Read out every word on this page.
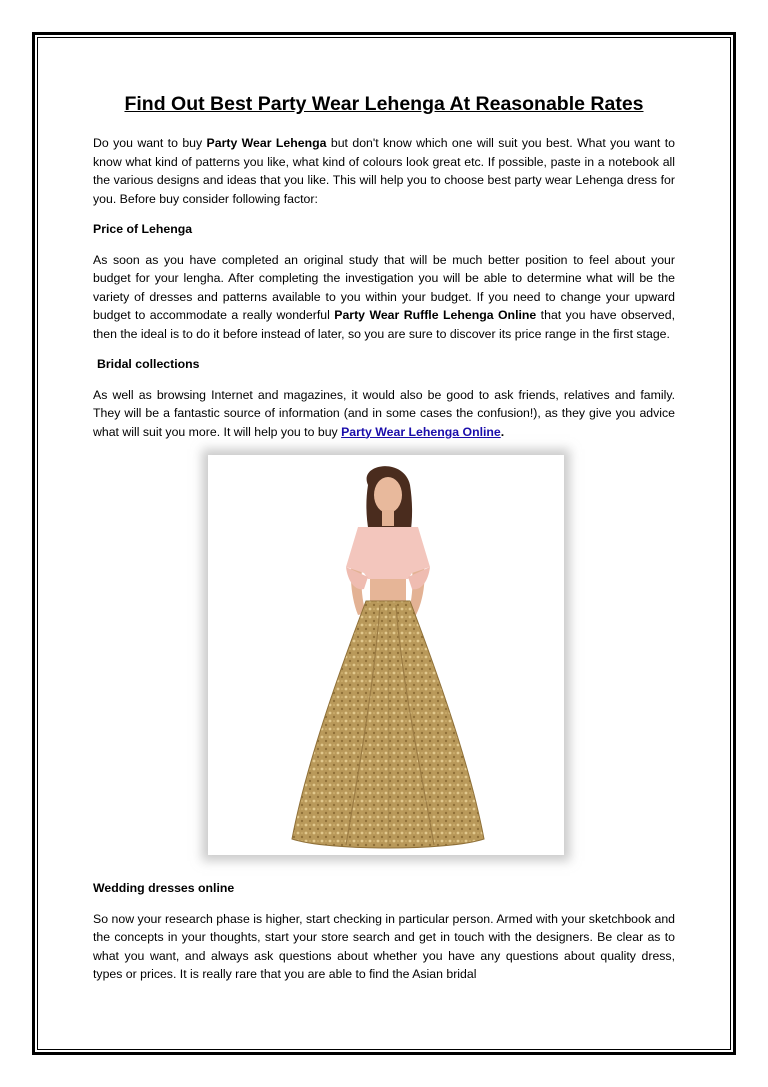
Find Out Best Party Wear Lehenga At Reasonable Rates

Do you want to buy Party Wear Lehenga but don't know which one will suit you best. What you want to know what kind of patterns you like, what kind of colours look great etc. If possible, paste in a notebook all the various designs and ideas that you like. This will help you to choose best party wear Lehenga dress for you. Before buy consider following factor:

Price of Lehenga

As soon as you have completed an original study that will be much better position to feel about your budget for your lengha. After completing the investigation you will be able to determine what will be the variety of dresses and patterns available to you within your budget. If you need to change your upward budget to accommodate a really wonderful Party Wear Ruffle Lehenga Online that you have observed, then the ideal is to do it before instead of later, so you are sure to discover its price range in the first stage.

Bridal collections

As well as browsing Internet and magazines, it would also be good to ask friends, relatives and family. They will be a fantastic source of information (and in some cases the confusion!), as they give you advice what will suit you more. It will help you to buy Party Wear Lehenga Online.

Wedding dresses online

So now your research phase is higher, start checking in particular person. Armed with your sketchbook and the concepts in your thoughts, start your store search and get in touch with the designers. Be clear as to what you want, and always ask questions about whether you have any questions about quality dress, types or prices. It is really rare that you are able to find the Asian bridal
